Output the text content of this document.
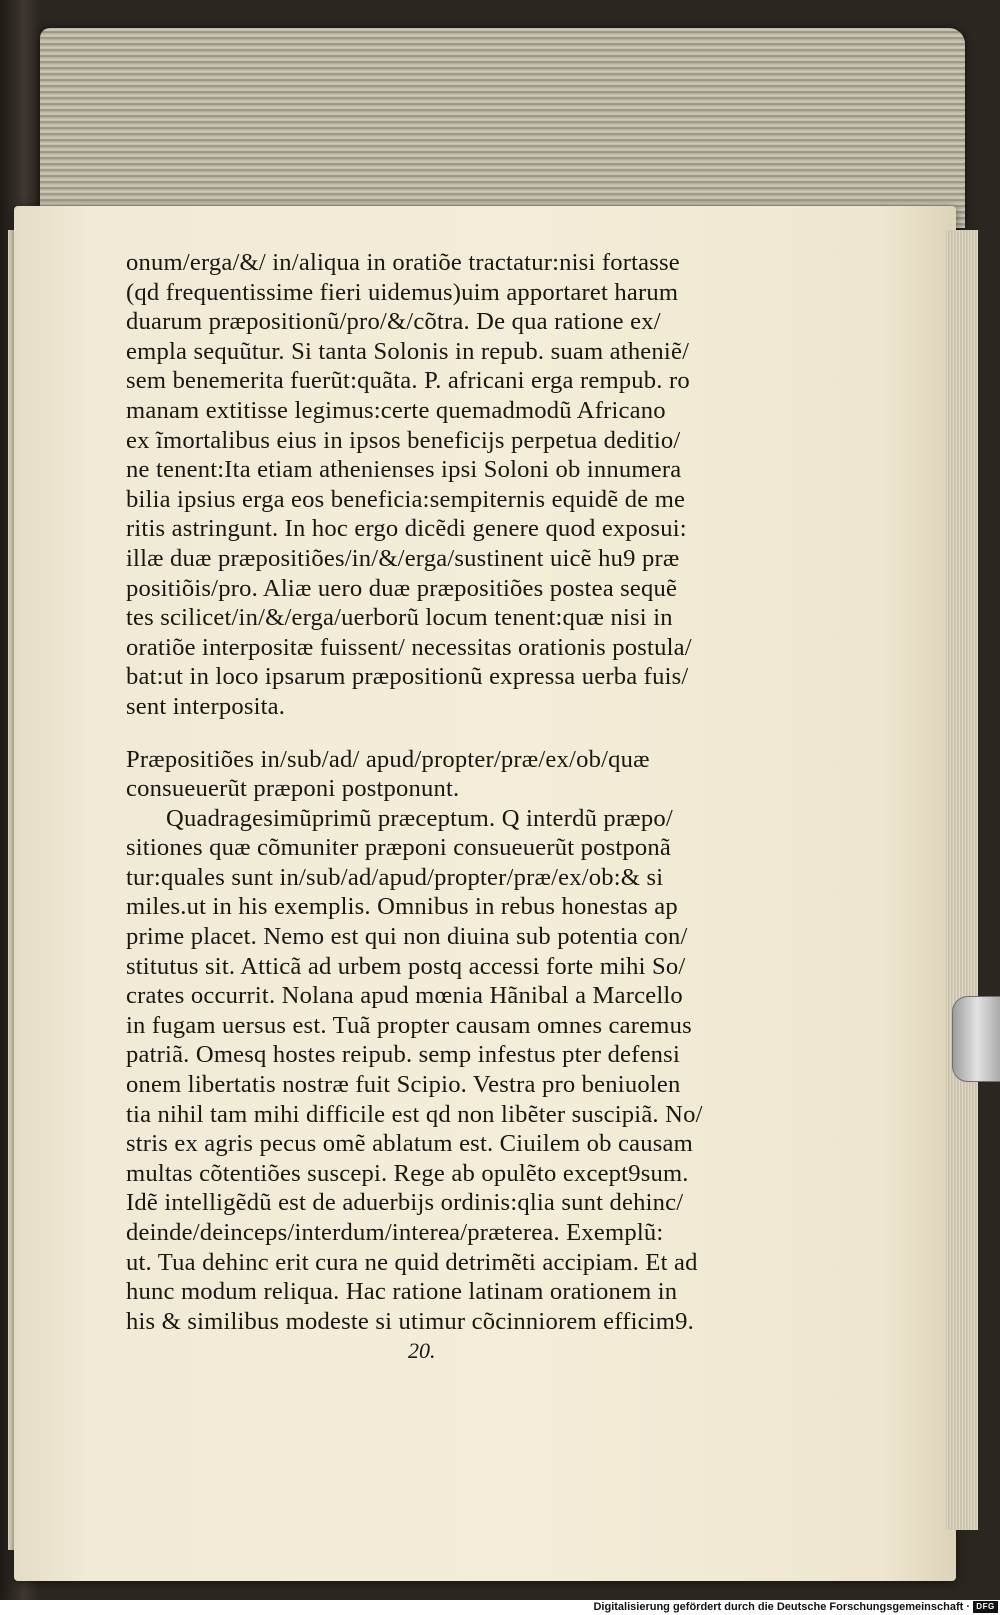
onum/erga/&/ in/aliqua in oratiõe tractatur:nisi fortasse
(qd frequentissime fieri uidemus)uim apportaret harum
duarum præpositionũ/pro/&/cõtra. De qua ratione ex/
empla sequũtur. Si tanta Solonis in repub. suam atheniẽ/
sem benemerita fuerũt:quãta. P. africani erga rempub. ro
manam extitisse legimus:certe quemadmodũ Africano
ex ĩmortalibus eius in ipsos beneficijs perpetua deditio/
ne tenent:Ita etiam athenienses ipsi Soloni ob innumera
bilia ipsius erga eos beneficia:sempiternis equidẽ de me
ritis astringunt. In hoc ergo dicẽdi genere quod exposui:
illæ duæ præpositiões/in/&/erga/sustinent uicẽ hu9 præ
positiõis/pro. Aliæ uero duæ præpositiões postea sequẽ
tes scilicet/in/&/erga/uerborũ locum tenent:quæ nisi in
oratiõe interpositæ fuissent/ necessitas orationis postula/
bat:ut in loco ipsarum præpositionũ expressa uerba fuis/
sent interposita.
Præpositiões in/sub/ad/ apud/propter/præ/ex/ob/quæ
consueuerũt præponi postponunt.
Quadragesimũprimũ præceptum. Q interdũ præpo/
sitiones quæ cõmuniter præponi consueuerũt postponã
tur:quales sunt in/sub/ad/apud/propter/præ/ex/ob:& si
miles.ut in his exemplis. Omnibus in rebus honestas ap
prime placet. Nemo est qui non diuina sub potentia con/
stitutus sit. Atticã ad urbem postq accessi forte mihi So/
crates occurrit. Nolana apud mœnia Hãnibal a Marcello
in fugam uersus est. Tuã propter causam omnes caremus
patriã. Omesq hostes reipub. semp infestus pter defensi
onem libertatis nostræ fuit Scipio. Vestra pro beniuolen
tia nihil tam mihi difficile est qd non libẽter suscipiã. No/
stris ex agris pecus omẽ ablatum est. Ciuilem ob causam
multas cõtentiões suscepi. Rege ab opulẽto except9sum.
Idẽ intelligẽdũ est de aduerbijs ordinis:qlia sunt dehinc/
deinde/deinceps/interdum/interea/præterea. Exemplũ:
ut. Tua dehinc erit cura ne quid detrimẽti accipiam. Et ad
hunc modum reliqua. Hac ratione latinam orationem in
his & similibus modeste si utimur cõcinniorem efficim9.
20.
Digitalisierung gefördert durch die Deutsche Forschungsgemeinschaft · DFG
